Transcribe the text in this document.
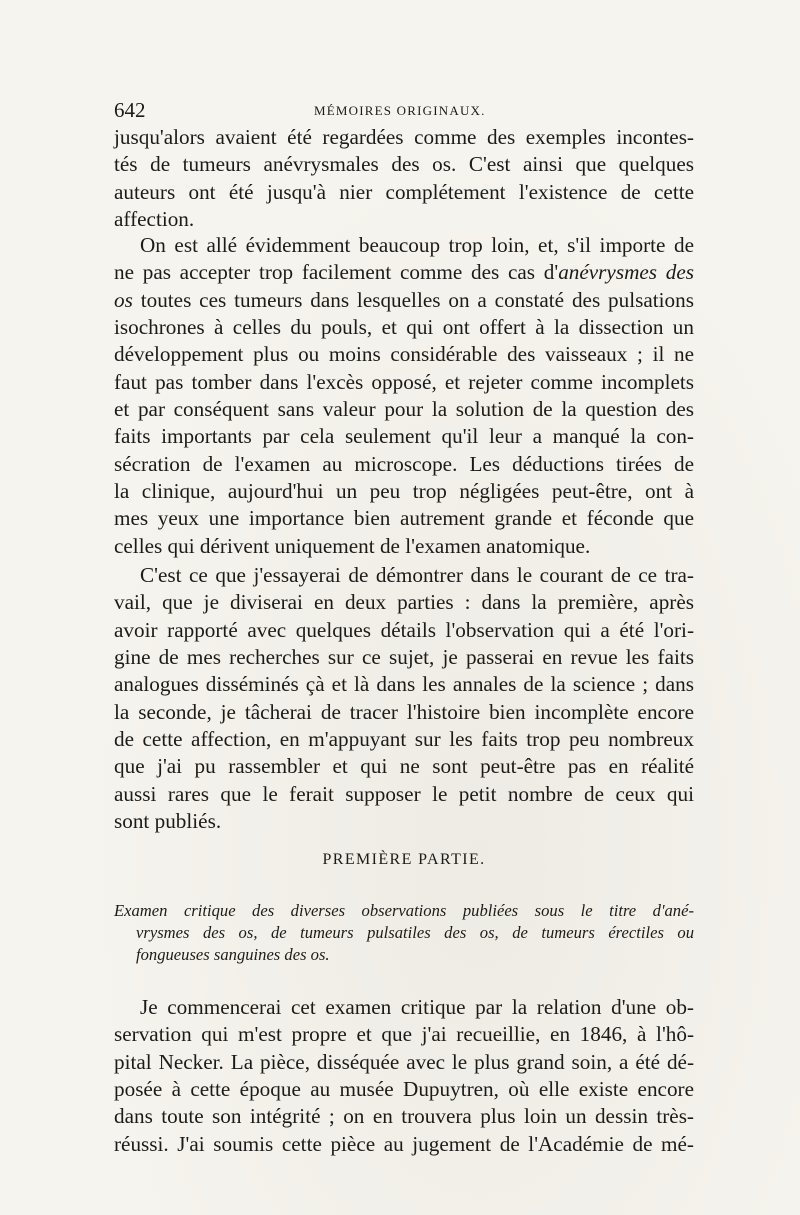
642	MÉMOIRES ORIGINAUX.
jusqu'alors avaient été regardées comme des exemples incontes-
tés de tumeurs anévrysmales des os. C'est ainsi que quelques
auteurs ont été jusqu'à nier complétement l'existence de cette
affection.
On est allé évidemment beaucoup trop loin, et, s'il importe de
ne pas accepter trop facilement comme des cas d'anévrysmes des
os toutes ces tumeurs dans lesquelles on a constaté des pulsations
isochrones à celles du pouls, et qui ont offert à la dissection un
développement plus ou moins considérable des vaisseaux ; il ne
faut pas tomber dans l'excès opposé, et rejeter comme incomplets
et par conséquent sans valeur pour la solution de la question des
faits importants par cela seulement qu'il leur a manqué la con-
sécration de l'examen au microscope. Les déductions tirées de
la clinique, aujourd'hui un peu trop négligées peut-être, ont à
mes yeux une importance bien autrement grande et féconde que
celles qui dérivent uniquement de l'examen anatomique.
C'est ce que j'essayerai de démontrer dans le courant de ce tra-
vail, que je diviserai en deux parties : dans la première, après
avoir rapporté avec quelques détails l'observation qui a été l'ori-
gine de mes recherches sur ce sujet, je passerai en revue les faits
analogues disséminés çà et là dans les annales de la science ; dans
la seconde, je tâcherai de tracer l'histoire bien incomplète encore
de cette affection, en m'appuyant sur les faits trop peu nombreux
que j'ai pu rassembler et qui ne sont peut-être pas en réalité
aussi rares que le ferait supposer le petit nombre de ceux qui
sont publiés.
PREMIÈRE PARTIE.
Examen critique des diverses observations publiées sous le titre d'ané-
vrysmes des os, de tumeurs pulsatiles des os, de tumeurs érectiles ou
fongueuses sanguines des os.
Je commencerai cet examen critique par la relation d'une ob-
servation qui m'est propre et que j'ai recueillie, en 1846, à l'hô-
pital Necker. La pièce, disséquée avec le plus grand soin, a été dé-
posée à cette époque au musée Dupuytren, où elle existe encore
dans toute son intégrité ; on en trouvera plus loin un dessin très-
réussi. J'ai soumis cette pièce au jugement de l'Académie de mé-
